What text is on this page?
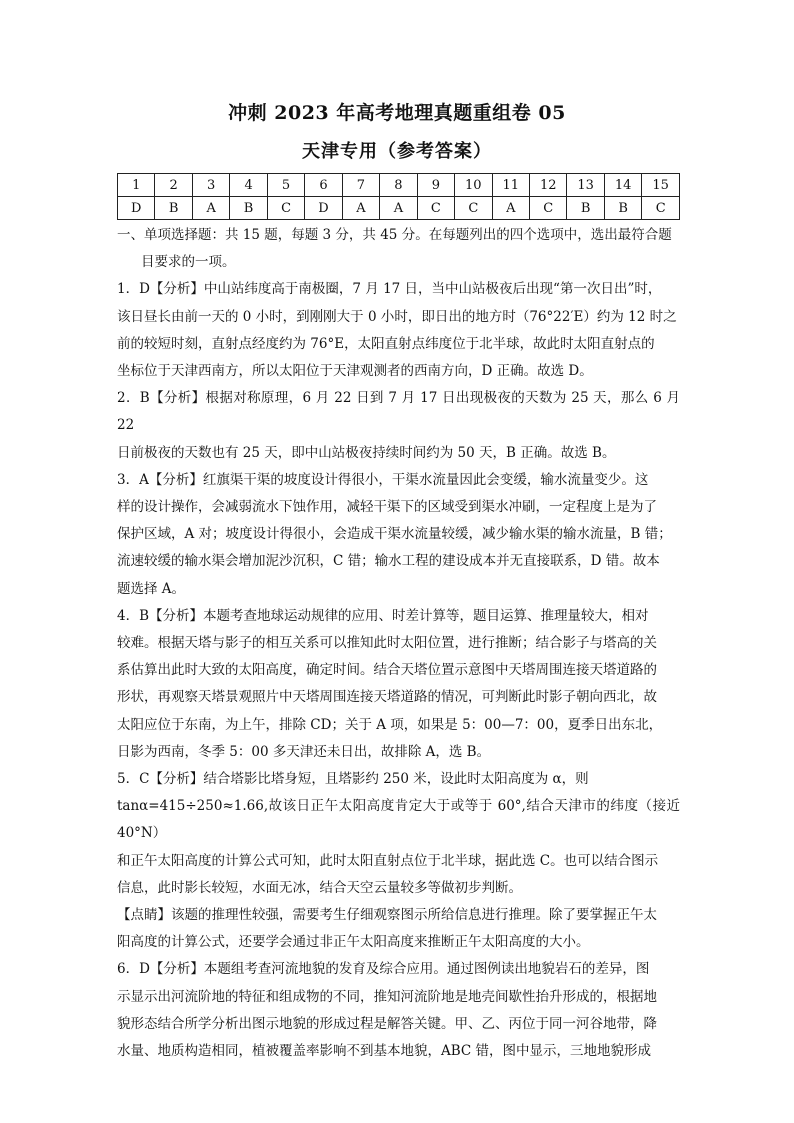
冲刺 2023 年高考地理真题重组卷 05
天津专用（参考答案）
1	2	3	4	5	6	7	8	9	10	11	12	13	14	15
D	B	A	B	C	D	A	A	C	C	A	C	B	B	C

一、单项选择题：共 15 题，每题 3 分，共 45 分。在每题列出的四个选项中，选出最符合题

目要求的一项。

1．D【分析】中山站纬度高于南极圈，7 月 17 日，当中山站极夜后出现“第一次日出”时，

该日昼长由前一天的 0 小时，到刚刚大于 0 小时，即日出的地方时（76°22′E）约为 12 时之

前的较短时刻，直射点经度约为 76°E，太阳直射点纬度位于北半球，故此时太阳直射点的

坐标位于天津西南方，所以太阳位于天津观测者的西南方向，D 正确。故选 D。

2．B【分析】根据对称原理，6 月 22 日到 7 月 17 日出现极夜的天数为 25 天，那么 6 月 22

日前极夜的天数也有 25 天，即中山站极夜持续时间约为 50 天，B 正确。故选 B。

3．A【分析】红旗渠干渠的坡度设计得很小，干渠水流量因此会变缓，输水流量变少。这

样的设计操作，会减弱流水下蚀作用，减轻干渠下的区域受到渠水冲刷，一定程度上是为了

保护区域，A 对；坡度设计得很小，会造成干渠水流量较缓，减少输水渠的输水流量，B 错；

流速较缓的输水渠会增加泥沙沉积，C 错；输水工程的建设成本并无直接联系，D 错。故本

题选择 A。

4．B【分析】本题考查地球运动规律的应用、时差计算等，题目运算、推理量较大，相对

较难。根据天塔与影子的相互关系可以推知此时太阳位置，进行推断；结合影子与塔高的关

系估算出此时大致的太阳高度，确定时间。结合天塔位置示意图中天塔周围连接天塔道路的

形状，再观察天塔景观照片中天塔周围连接天塔道路的情况，可判断此时影子朝向西北，故

太阳应位于东南，为上午，排除 CD；关于 A 项，如果是 5：00—7：00，夏季日出东北，

日影为西南，冬季 5：00 多天津还未日出，故排除 A，选 B。

5．C【分析】结合塔影比塔身短，且塔影约 250 米，设此时太阳高度为 α，则

tanα=415÷250≈1.66,故该日正午太阳高度肯定大于或等于 60°,结合天津市的纬度（接近40°N）

和正午太阳高度的计算公式可知，此时太阳直射点位于北半球，据此选 C。也可以结合图示

信息，此时影长较短，水面无冰，结合天空云量较多等做初步判断。

【点睛】该题的推理性较强，需要考生仔细观察图示所给信息进行推理。除了要掌握正午太

阳高度的计算公式，还要学会通过非正午太阳高度来推断正午太阳高度的大小。

6．D【分析】本题组考查河流地貌的发育及综合应用。通过图例读出地貌岩石的差异，图

示显示出河流阶地的特征和组成物的不同，推知河流阶地是地壳间歇性抬升形成的，根据地

貌形态结合所学分析出图示地貌的形成过程是解答关键。甲、乙、丙位于同一河谷地带，降

水量、地质构造相同，植被覆盖率影响不到基本地貌，ABC 错，图中显示，三地地貌形成
